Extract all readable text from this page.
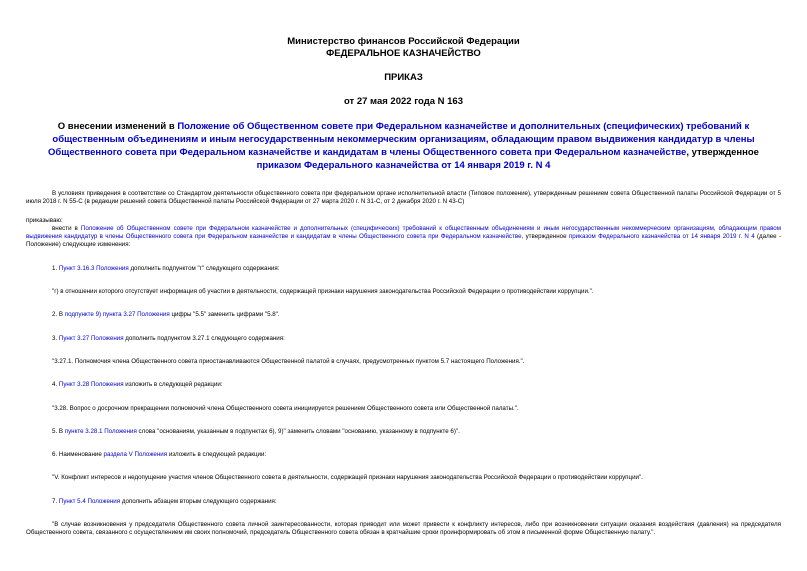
Министерство финансов Российской Федерации
ФЕДЕРАЛЬНОЕ КАЗНАЧЕЙСТВО
ПРИКАЗ
от 27 мая 2022 года N 163
О внесении изменений в Положение об Общественном совете при Федеральном казначействе и дополнительных (специфических) требований к общественным объединениям и иным негосударственным некоммерческим организациям, обладающим правом выдвижения кандидатур в члены Общественного совета при Федеральном казначействе и кандидатам в члены Общественного совета при Федеральном казначействе, утвержденное приказом Федерального казначейства от 14 января 2019 г. N 4

В условиях приведения в соответствие со Стандартом деятельности общественного совета при федеральном органе исполнительной власти (Типовое положение), утвержденным решением совета Общественной палаты Российской Федерации от 5 июля 2018 г. N 55-С (в редакции решений совета Общественной палаты Российской Федерации от 27 марта 2020 г. N 31-С, от 2 декабря 2020 г. N 43-С)

приказываю:

внести в Положение об Общественном совете при Федеральном казначействе и дополнительных (специфических) требований к общественным объединениям и иным негосударственным некоммерческим организациям, обладающим правом выдвижения кандидатур в члены Общественного совета при Федеральном казначействе и кандидатам в члены Общественного совета при Федеральном казначействе, утвержденное приказом Федерального казначейства от 14 января 2019 г. N 4 (далее - Положение) следующие изменения:

1. Пункт 3.16.3 Положения дополнить подпунктом "г" следующего содержания:

"г) в отношении которого отсутствует информация об участии в деятельности, содержащей признаки нарушения законодательства Российской Федерации о противодействии коррупции.".

2. В подпункте 9) пункта 3.27 Положения цифры "5.5" заменить цифрами "5.8".

3. Пункт 3.27 Положения дополнить подпунктом 3.27.1 следующего содержания:

"3.27.1. Полномочия члена Общественного совета приостанавливаются Общественной палатой в случаях, предусмотренных пунктом 5.7 настоящего Положения.".

4. Пункт 3.28 Положения изложить в следующей редакции:

"3.28. Вопрос о досрочном прекращении полномочий члена Общественного совета инициируется решением Общественного совета или Общественной палаты.".

5. В пункте 3.28.1 Положения слова "основаниям, указанным в подпунктах 6), 9)" заменить словами "основанию, указанному в подпункте 6)".

6. Наименование раздела V Положения изложить в следующей редакции:

"V. Конфликт интересов и недопущение участия членов Общественного совета в деятельности, содержащей признаки нарушения законодательства Российской Федерации о противодействии коррупции".

7. Пункт 5.4 Положения дополнить абзацем вторым следующего содержания:

"В случае возникновения у председателя Общественного совета личной заинтересованности, которая приводит или может привести к конфликту интересов, либо при возникновении ситуации оказания воздействия (давления) на председателя Общественного совета, связанного с осуществлением им своих полномочий, председатель Общественного совета обязан в кратчайшие сроки проинформировать об этом в письменной форме Общественную палату.".
